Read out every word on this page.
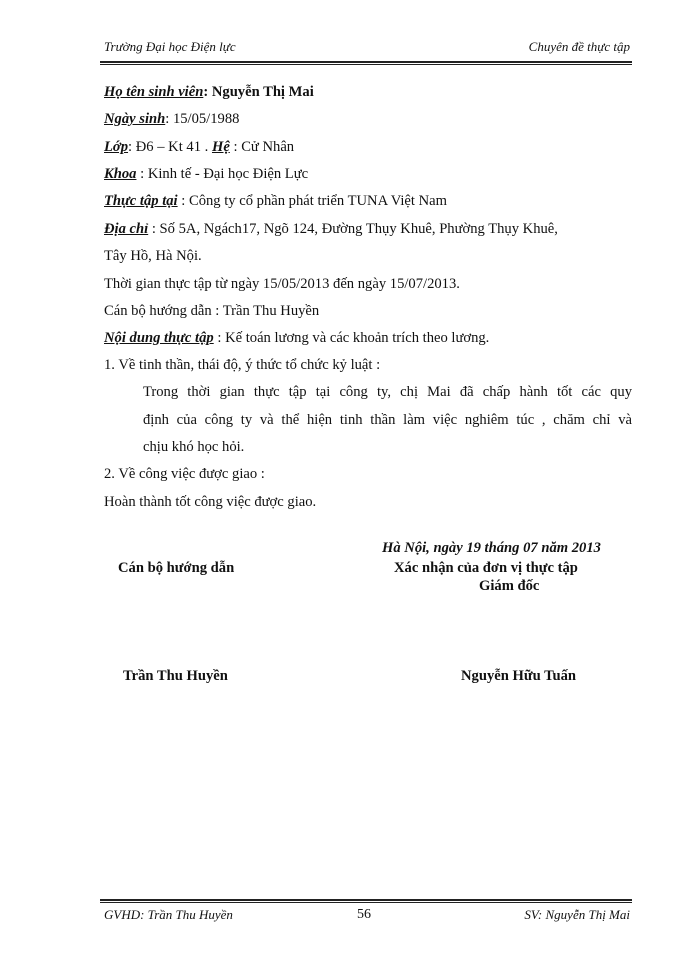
Trường Đại học Điện lực	Chuyên đề thực tập
Họ tên sinh viên: Nguyễn Thị Mai
Ngày sinh: 15/05/1988
Lớp: Đ6 – Kt 41 . Hệ : Cử Nhân
Khoa : Kinh tế - Đại học Điện Lực
Thực tập tại : Công ty cổ phần phát triển TUNA Việt Nam
Địa chỉ : Số 5A, Ngách17, Ngõ 124, Đường Thụy Khuê, Phường Thụy Khuê,
Tây Hồ, Hà Nội.
Thời gian thực tập từ ngày 15/05/2013 đến ngày 15/07/2013.
Cán bộ hướng dẫn : Trần Thu Huyền
Nội dung thực tập : Kế toán lương và các khoản trích theo lương.
1. Về tinh thần, thái độ, ý thức tổ chức kỷ luật :
Trong thời gian thực tập tại công ty, chị Mai đã chấp hành tốt các quy
định của công ty và thể hiện tinh thần làm việc nghiêm túc , chăm chỉ và
chịu khó học hỏi.
2. Về công việc được giao :
Hoàn thành tốt công việc được giao.
Hà Nội, ngày 19 tháng 07 năm 2013
Cán bộ hướng dẫn	Xác nhận của đơn vị thực tập
Giám đốc
Trần Thu Huyền	Nguyễn Hữu Tuấn
GVHD: Trần Thu Huyền	56	SV: Nguyễn Thị Mai
